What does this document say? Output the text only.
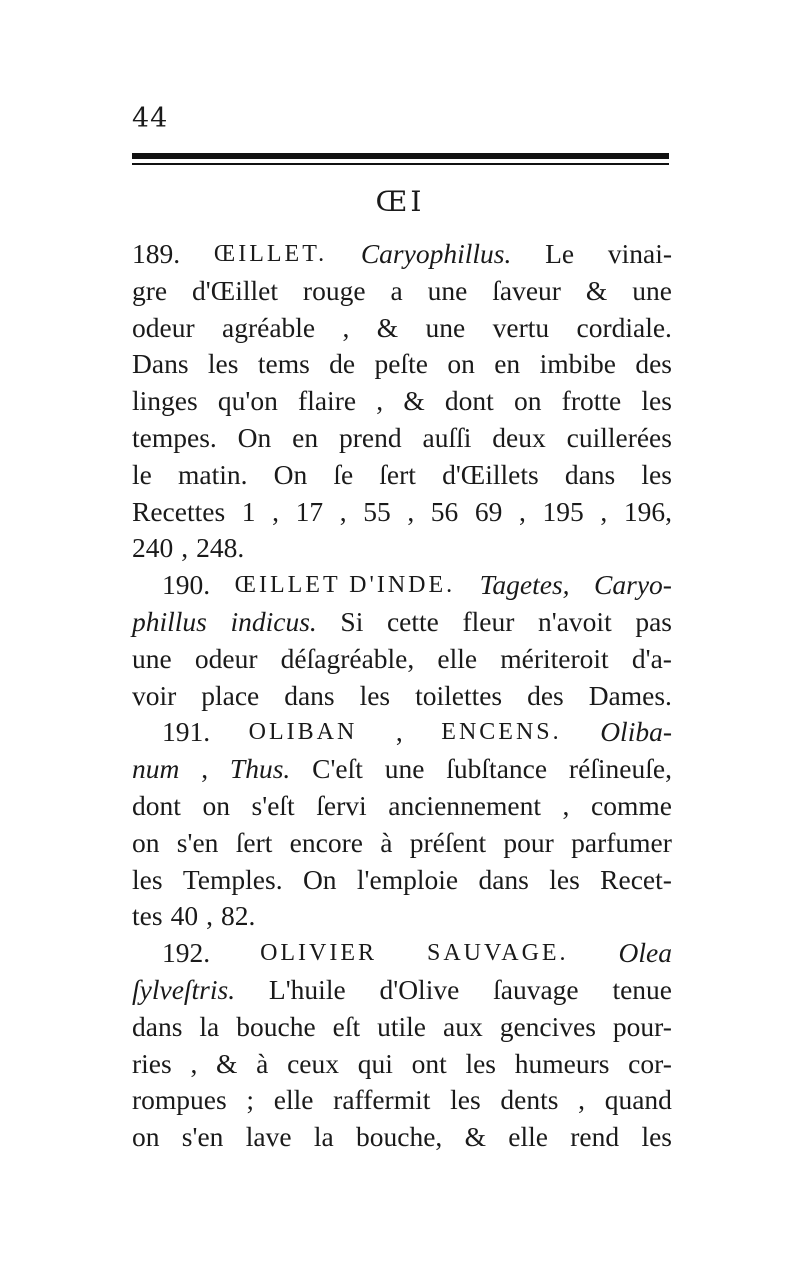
44
ŒI
189. ŒILLET. Caryophillus. Le vinai-
gre d'Œillet rouge a une ſaveur & une
odeur agréable , & une vertu cordiale.
Dans les tems de peſte on en imbibe des
linges qu'on flaire , & dont on frotte les
tempes. On en prend auſſi deux cuillerées
le matin. On ſe ſert d'Œillets dans les
Recettes 1 , 17 , 55 , 56 69 , 195 , 196,
240 , 248.
190. ŒILLET D'INDE. Tagetes, Caryo-
phillus indicus. Si cette fleur n'avoit pas
une odeur déſagréable, elle mériteroit d'a-
voir place dans les toilettes des Dames.
191. OLIBAN , ENCENS. Oliba-
num , Thus. C'eſt une ſubſtance réſineuſe,
dont on s'eſt ſervi anciennement , comme
on s'en ſert encore à préſent pour parfumer
les Temples. On l'emploie dans les Recet-
tes 40 , 82.
192. OLIVIER SAUVAGE. Olea
ſylveſtris. L'huile d'Olive ſauvage tenue
dans la bouche eſt utile aux gencives pour-
ries , & à ceux qui ont les humeurs cor-
rompues ; elle raffermit les dents , quand
on s'en lave la bouche, & elle rend les
